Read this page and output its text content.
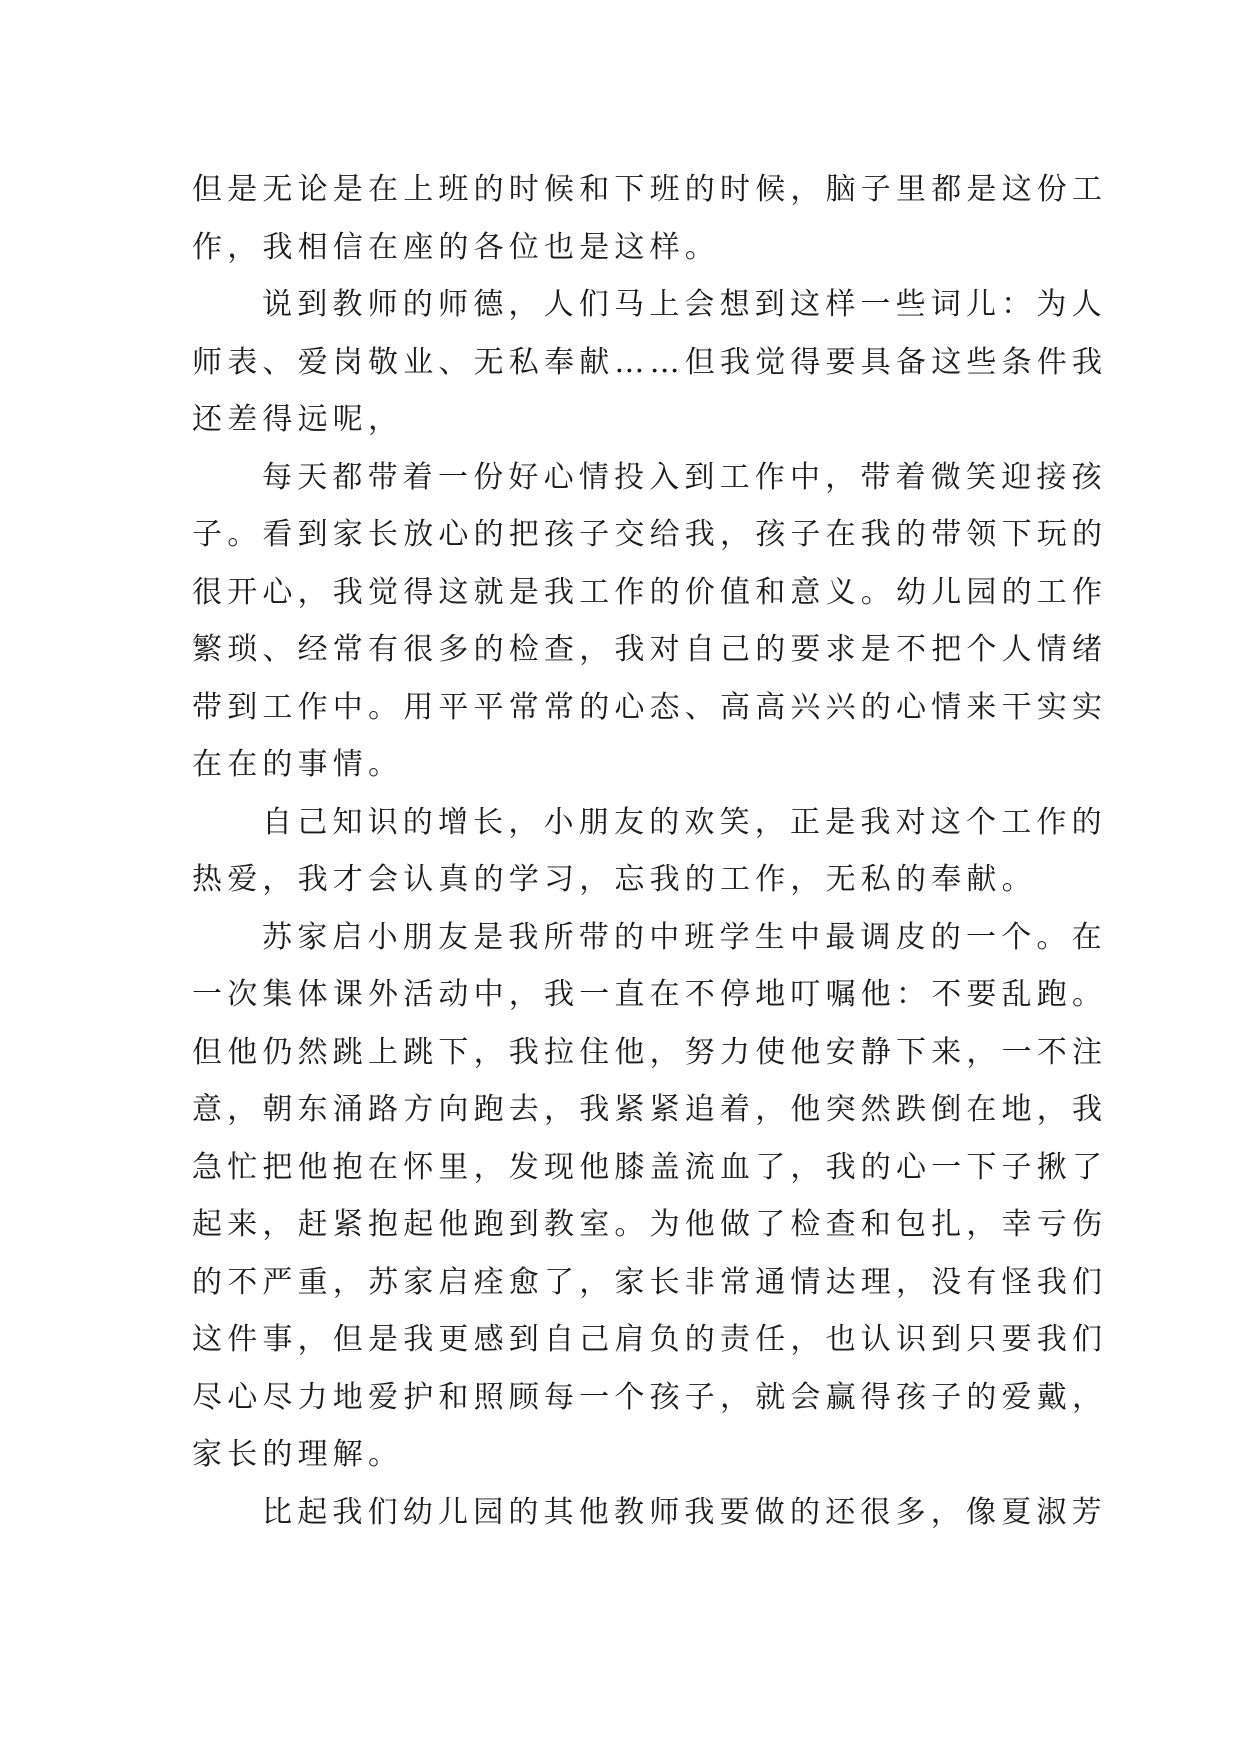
但是无论是在上班的时候和下班的时候，脑子里都是这份工
作，我相信在座的各位也是这样。
说到教师的师德，人们马上会想到这样一些词儿：为人
师表、爱岗敬业、无私奉献……但我觉得要具备这些条件我
还差得远呢，
每天都带着一份好心情投入到工作中，带着微笑迎接孩
子。看到家长放心的把孩子交给我，孩子在我的带领下玩的
很开心，我觉得这就是我工作的价值和意义。幼儿园的工作
繁琐、经常有很多的检查，我对自己的要求是不把个人情绪
带到工作中。用平平常常的心态、高高兴兴的心情来干实实
在在的事情。
自己知识的增长，小朋友的欢笑，正是我对这个工作的
热爱，我才会认真的学习，忘我的工作，无私的奉献。
苏家启小朋友是我所带的中班学生中最调皮的一个。在
一次集体课外活动中，我一直在不停地叮嘱他：不要乱跑。
但他仍然跳上跳下，我拉住他，努力使他安静下来，一不注
意，朝东涌路方向跑去，我紧紧追着，他突然跌倒在地，我
急忙把他抱在怀里，发现他膝盖流血了，我的心一下子揪了
起来，赶紧抱起他跑到教室。为他做了检查和包扎，幸亏伤
的不严重，苏家启痊愈了，家长非常通情达理，没有怪我们
这件事，但是我更感到自己肩负的责任，也认识到只要我们
尽心尽力地爱护和照顾每一个孩子，就会赢得孩子的爱戴，
家长的理解。
比起我们幼儿园的其他教师我要做的还很多，像夏淑芳
